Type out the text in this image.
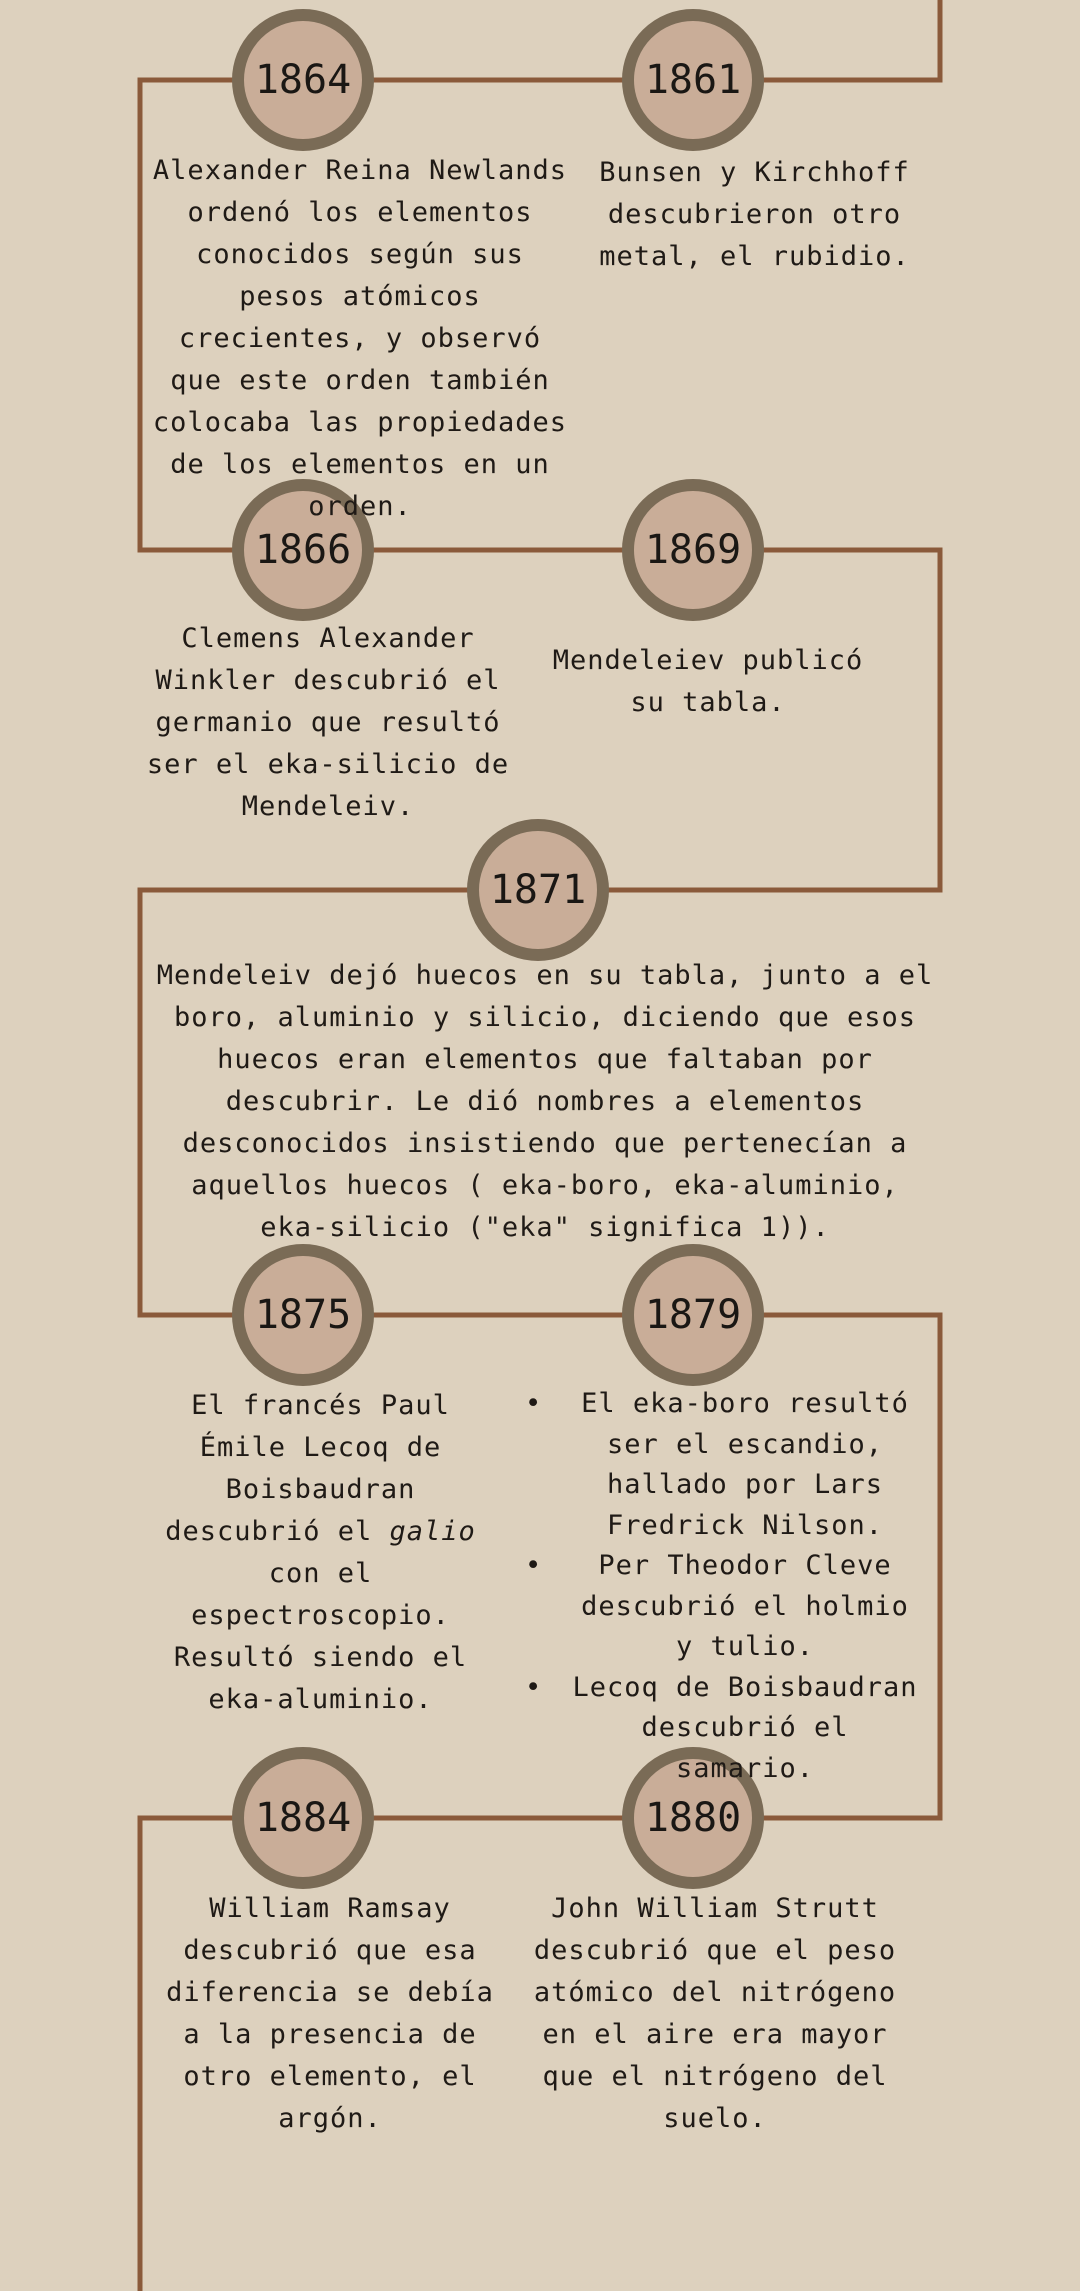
1864	1861
1866	1869
1871
1875	1879
1884	1880
Alexander Reina Newlands ordenó los elementos conocidos según sus pesos atómicos crecientes, y observó que este orden también colocaba las propiedades de los elementos en un orden.
Bunsen y Kirchhoff descubrieron otro metal, el rubidio.
Clemens Alexander Winkler descubrió el germanio que resultó ser el eka-silicio de Mendeleiv.
Mendeleiev publicó su tabla.
Mendeleiv dejó huecos en su tabla, junto a el boro, aluminio y silicio, diciendo que esos huecos eran elementos que faltaban por descubrir. Le dió nombres a elementos desconocidos insistiendo que pertenecían a aquellos huecos ( eka-boro, eka-aluminio, eka-silicio ("eka" significa 1)).
El francés Paul Émile Lecoq de Boisbaudran descubrió el galio con el espectroscopio. Resultó siendo el eka-aluminio.
• El eka-boro resultó ser el escandio, hallado por Lars Fredrick Nilson.
• Per Theodor Cleve descubrió el holmio y tulio.
• Lecoq de Boisbaudran descubrió el samario.
William Ramsay descubrió que esa diferencia se debía a la presencia de otro elemento, el argón.
John William Strutt descubrió que el peso atómico del nitrógeno en el aire era mayor que el nitrógeno del suelo.
